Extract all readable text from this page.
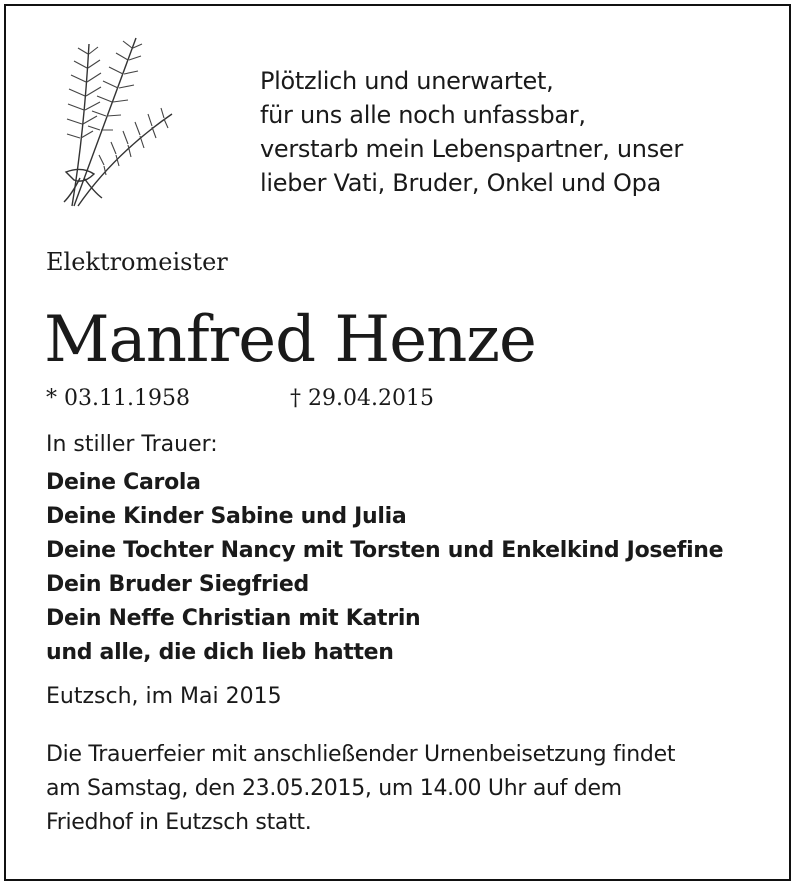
Plötzlich und unerwartet,
für uns alle noch unfassbar,
verstarb mein Lebenspartner, unser
lieber Vati, Bruder, Onkel und Opa
Elektromeister
Manfred Henze
* 03.11.1958	† 29.04.2015
In stiller Trauer:
Deine Carola
Deine Kinder Sabine und Julia
Deine Tochter Nancy mit Torsten und Enkelkind Josefine
Dein Bruder Siegfried
Dein Neffe Christian mit Katrin
und alle, die dich lieb hatten
Eutzsch, im Mai 2015
Die Trauerfeier mit anschließender Urnenbeisetzung findet
am Samstag, den 23.05.2015, um 14.00 Uhr auf dem
Friedhof in Eutzsch statt.
